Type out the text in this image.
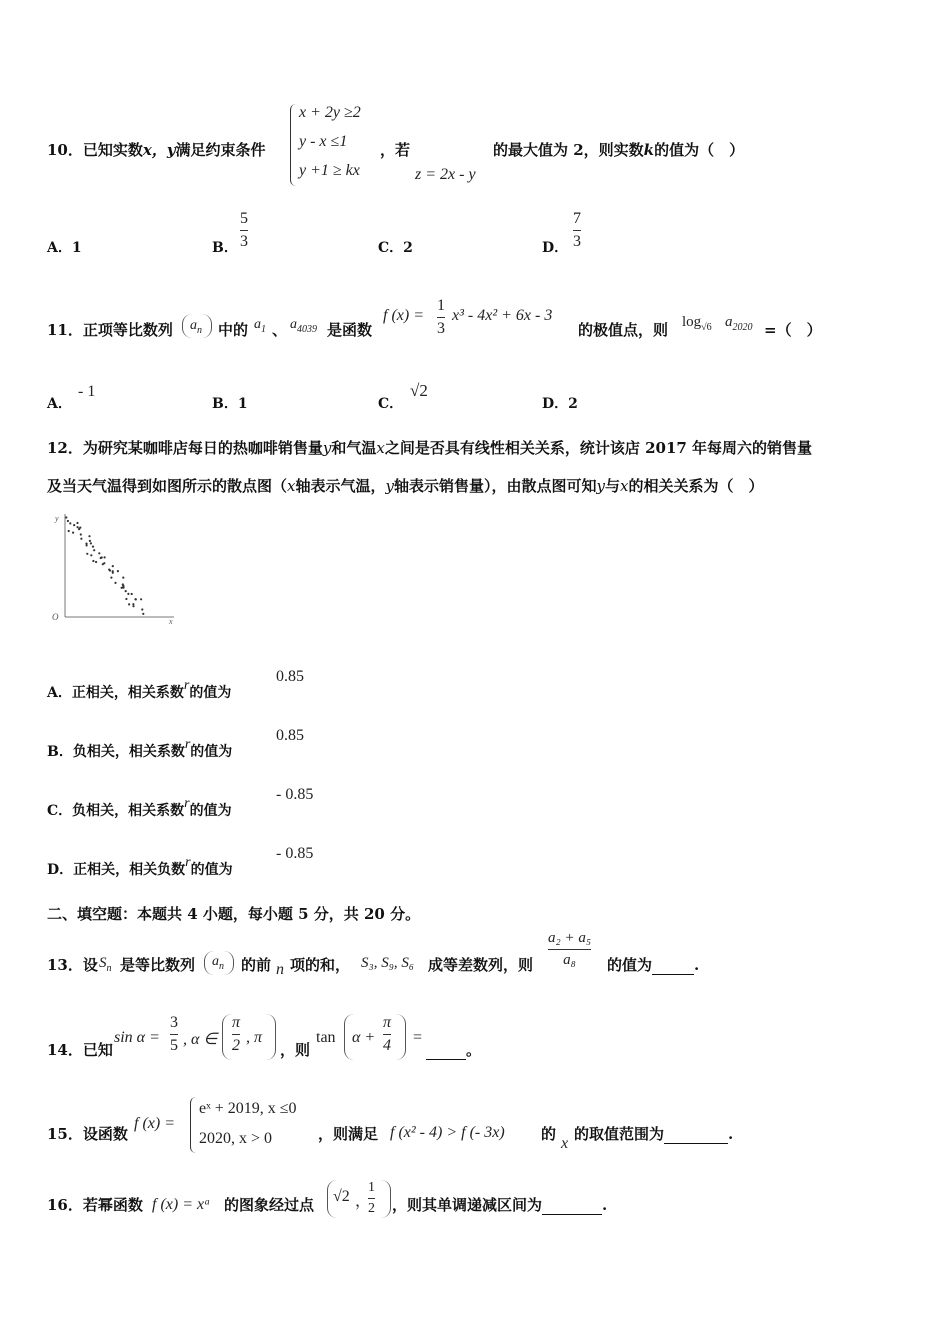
10．已知实数x，y满足约束条件
x + 2y ≥2
y - x ≤1
y +1 ≥ kx
，若
z = 2x - y
的最大值为 2，则实数k的值为（　）
A．1	B．
5
3	C．2	D．
7
3
11．正项等比数列 $a_n$ 中的 $a_1$ 、 $a_{4039}$ 是函数
f (x) =
1
3
x³ - 4x² + 6x - 3
的极值点，则 $\log_{√6} a_{2020}$ =（　）
A．
- 1
B．1	C．
√2
D．2
12．为研究某咖啡店每日的热咖啡销售量y和气温x之间是否具有线性相关关系，统计该店 2017 年每周六的销售量
及当天气温得到如图所示的散点图（x轴表示气温，y轴表示销售量），由散点图可知y与x的相关关系为（　）
y
x
O
A．正相关，相关系数r的值为
0.85
B．负相关，相关系数r的值为
0.85
C．负相关，相关系数r的值为
- 0.85
D．正相关，相关负数r的值为
- 0.85
二、填空题：本题共 4 小题，每小题 5 分，共 20 分。
13．设 $S_n$ 是等比数列 $a_n$ 的前 n 项的和， S₃, S₉, S₆ 成等差数列，则
a₂ + a₅
a₈ 的值为	.
14．已知
sin α =
3
5 , α ∈
π
2 , π
，则
tan α +
π
4 =
。
15．设函数
f (x) =
eˣ + 2019, x ≤0
2020, x > 0	，则满足 f (x² - 4) > f (- 3x) 的
x
的取值范围为	.
16．若幂函数 f (x) = xᵃ 的图象经过点 √2 ，
1
2 ，则其单调递减区间为	.
